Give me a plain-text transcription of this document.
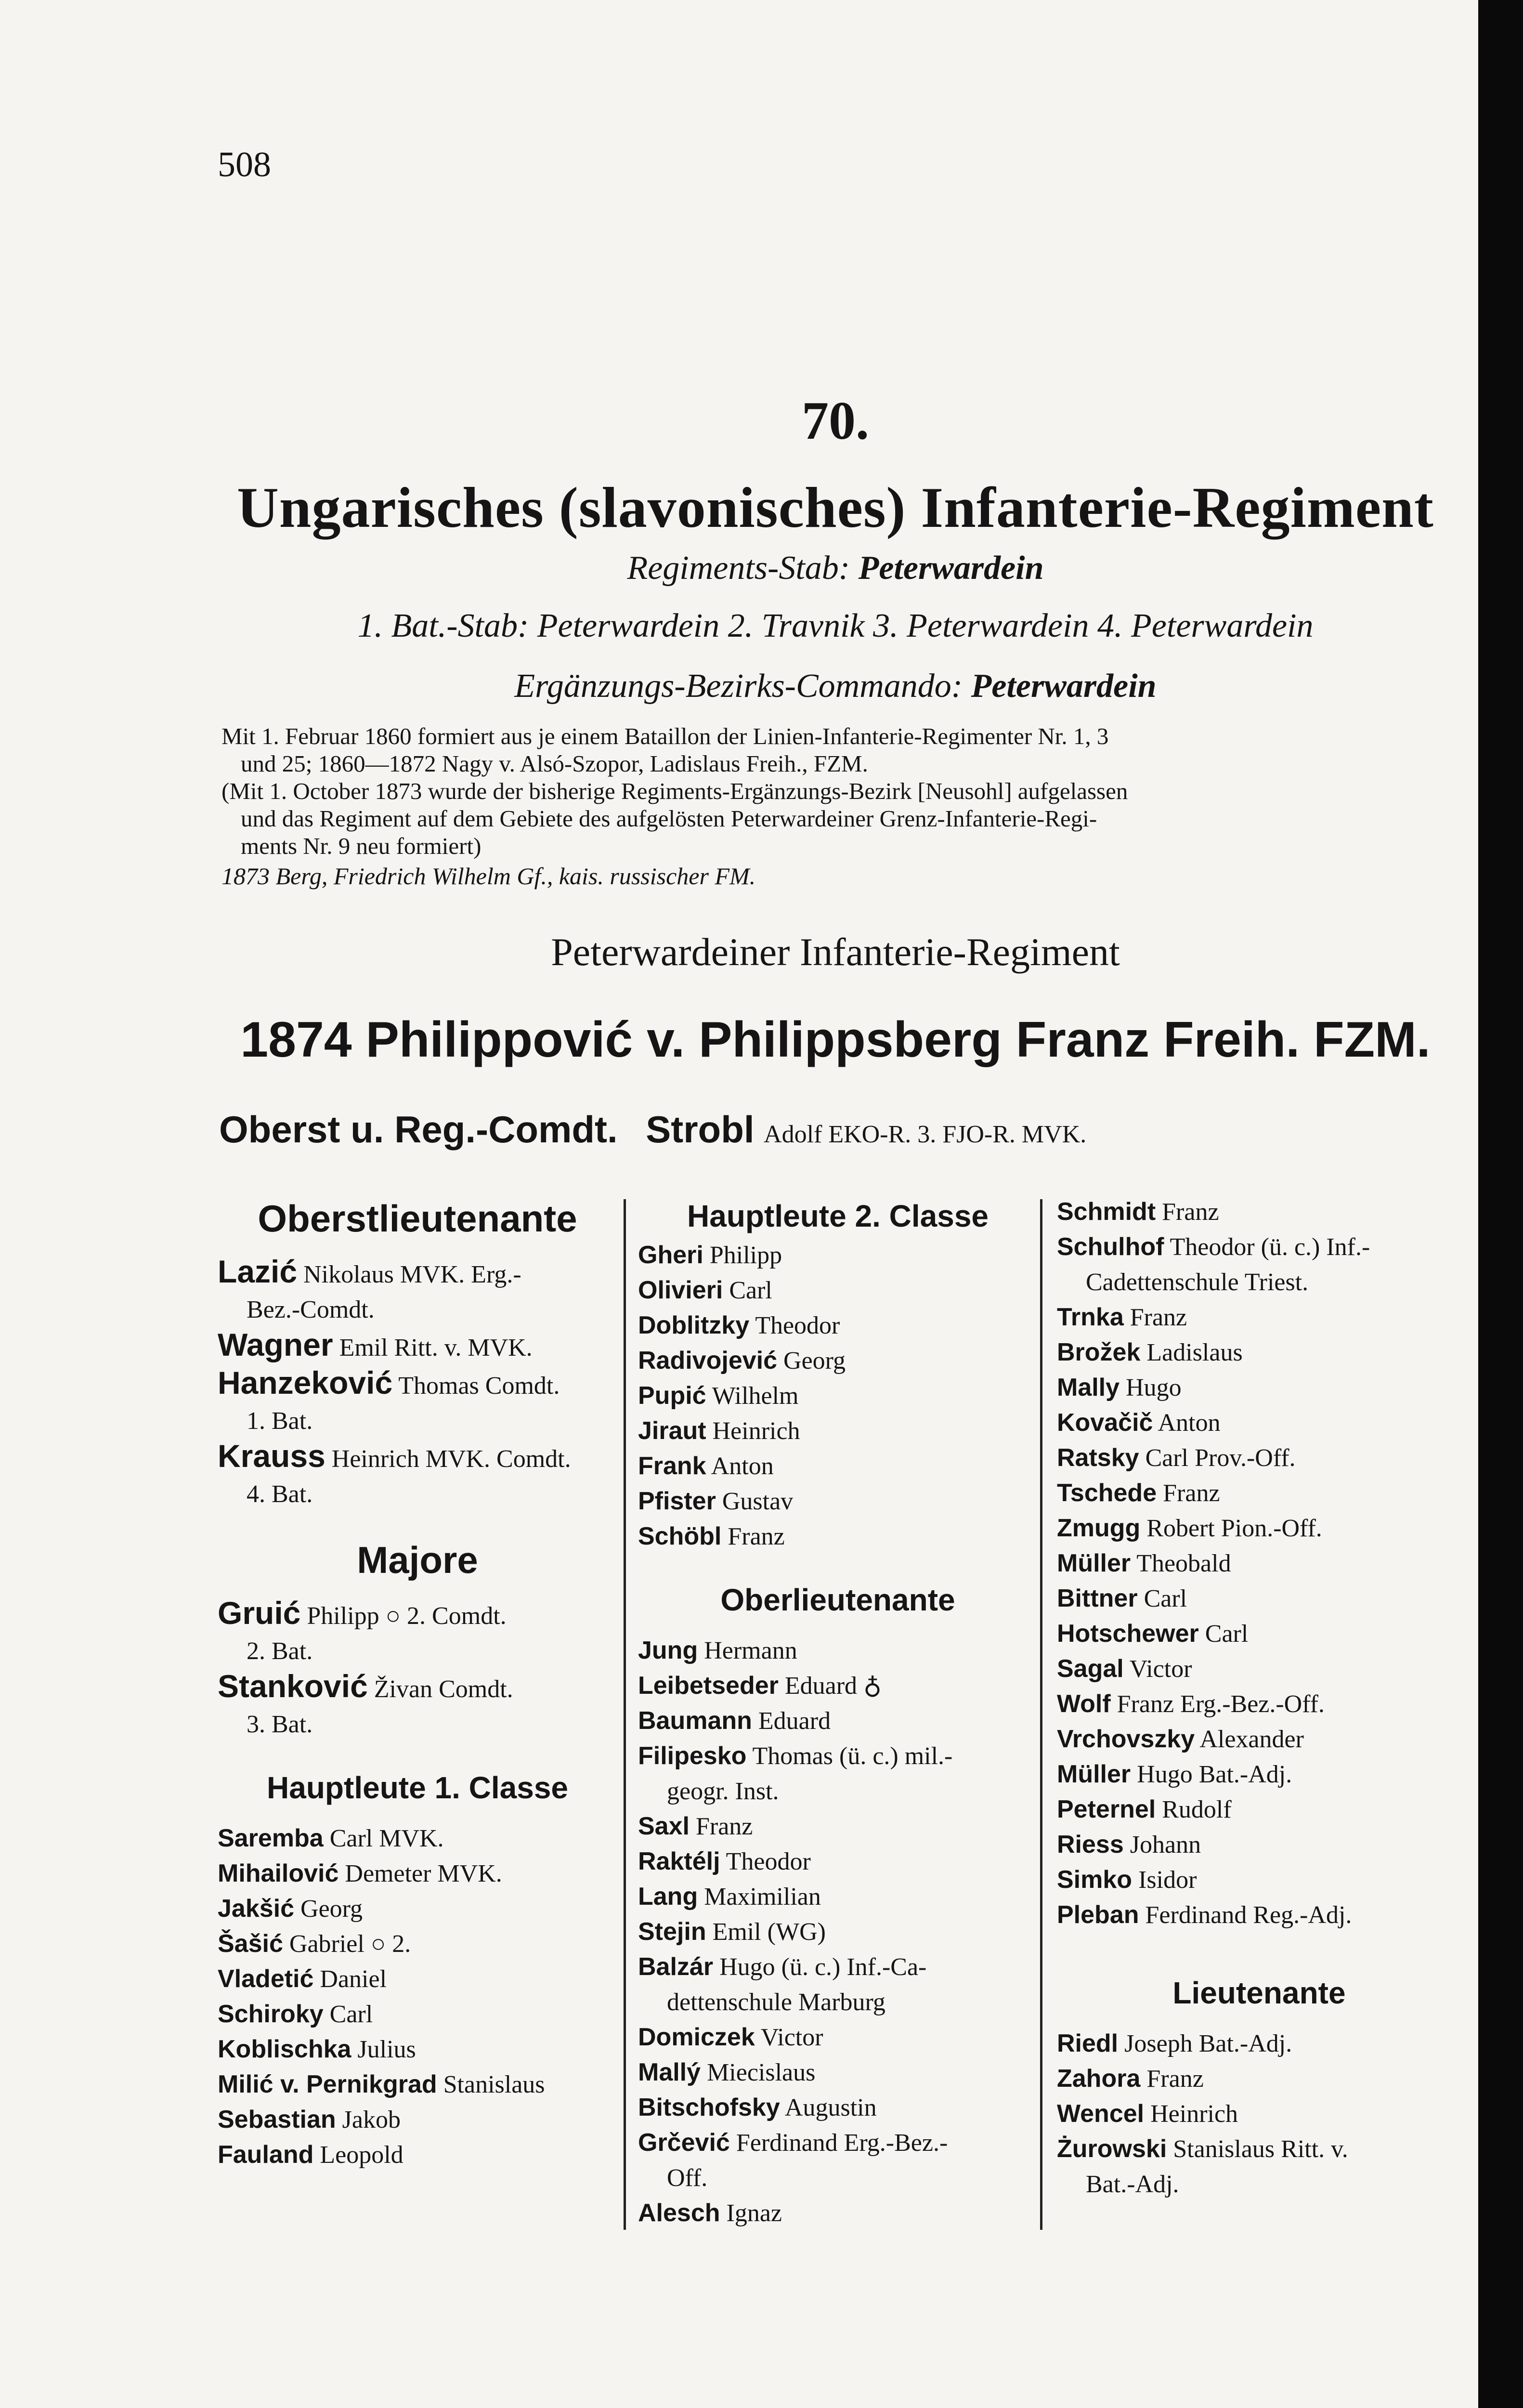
508
70.
Ungarisches (slavonisches) Infanterie-Regiment
Regiments-Stab: Peterwardein
1. Bat.-Stab: Peterwardein 2. Travnik 3. Peterwardein 4. Peterwardein
Ergänzungs-Bezirks-Commando: Peterwardein

Mit 1. Februar 1860 formiert aus je einem Bataillon der Linien-Infanterie-Regimenter Nr. 1, 3

und 25; 1860—1872 Nagy v. Alsó-Szopor, Ladislaus Freih., FZM.

(Mit 1. October 1873 wurde der bisherige Regiments-Ergänzungs-Bezirk [Neusohl] aufgelassen

und das Regiment auf dem Gebiete des aufgelösten Peterwardeiner Grenz-Infanterie-Regi-

ments Nr. 9 neu formiert)

1873 Berg, Friedrich Wilhelm Gf., kais. russischer FM.
Peterwardeiner Infanterie-Regiment
1874 Philippović v. Philippsberg Franz Freih. FZM.
Oberst u. Reg.-Comdt. Strobl Adolf EKO-R. 3. FJO-R. MVK.

Oberstlieutenante

Lazić Nikolaus MVK. Erg.-
Bez.-Comdt.
Wagner Emil Ritt. v. MVK.
Hanzeković Thomas Comdt.
1. Bat.
Krauss Heinrich MVK. Comdt.
4. Bat.

Majore

Gruić Philipp ○ 2. Comdt.
2. Bat.
Stanković Živan Comdt.
3. Bat.

Hauptleute 1. Classe

Saremba Carl MVK.
Mihailović Demeter MVK.
Jakšić Georg
Šašić Gabriel ○ 2.
Vladetić Daniel
Schiroky Carl
Koblischka Julius
Milić v. Pernikgrad Stanislaus
Sebastian Jakob
Fauland Leopold

Hauptleute 2. Classe

Gheri Philipp
Olivieri Carl
Doblitzky Theodor
Radivojević Georg
Pupić Wilhelm
Jiraut Heinrich
Frank Anton
Pfister Gustav
Schöbl Franz

Oberlieutenante

Jung Hermann
Leibetseder Eduard ♁
Baumann Eduard
Filipesko Thomas (ü. c.) mil.-
geogr. Inst.
Saxl Franz
Raktélj Theodor
Lang Maximilian
Stejin Emil (WG)
Balzár Hugo (ü. c.) Inf.-Ca-
dettenschule Marburg
Domiczek Victor
Mallý Miecislaus
Bitschofsky Augustin
Grčević Ferdinand Erg.-Bez.-
Off.
Alesch Ignaz
Schmidt Franz
Schulhof Theodor (ü. c.) Inf.-
Cadettenschule Triest.
Trnka Franz
Brožek Ladislaus
Mally Hugo
Kovačič Anton
Ratsky Carl Prov.-Off.
Tschede Franz
Zmugg Robert Pion.-Off.
Müller Theobald
Bittner Carl
Hotschewer Carl
Sagal Victor
Wolf Franz Erg.-Bez.-Off.
Vrchovszky Alexander
Müller Hugo Bat.-Adj.
Peternel Rudolf
Riess Johann
Simko Isidor
Pleban Ferdinand Reg.-Adj.

Lieutenante

Riedl Joseph Bat.-Adj.
Zahora Franz
Wencel Heinrich
Żurowski Stanislaus Ritt. v.
Bat.-Adj.
